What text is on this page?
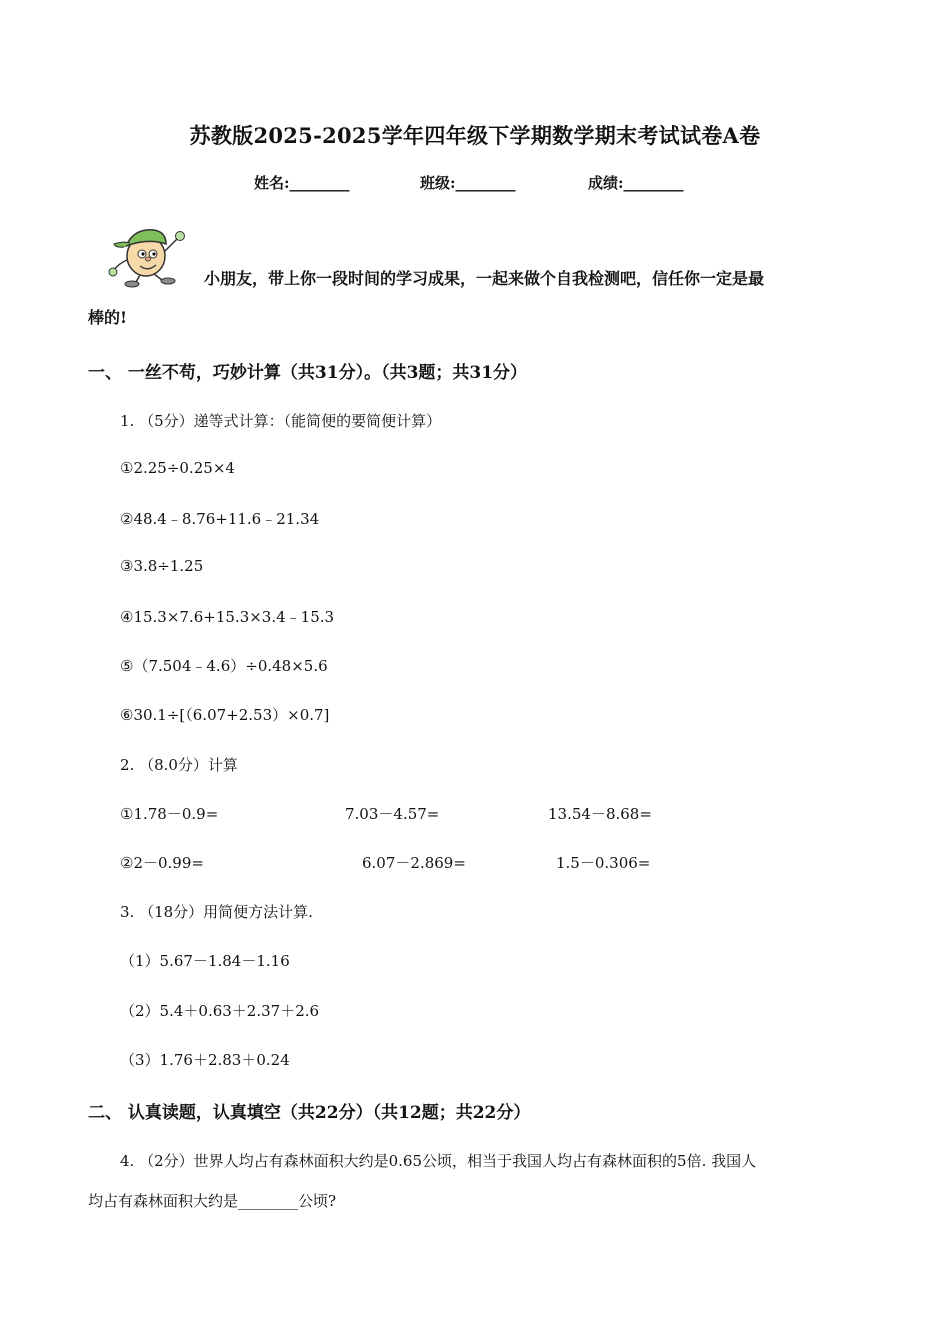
苏教版2025-2025学年四年级下学期数学期末考试试卷A卷
姓名:________	班级:________	成绩:________
小朋友，带上你一段时间的学习成果，一起来做个自我检测吧，信任你一定是最
棒的!
一、 一丝不苟，巧妙计算（共31分）。（共3题；共31分）
1. （5分）递等式计算：（能简便的要简便计算）
①2.25÷0.25×4
②48.4﹣8.76+11.6﹣21.34
③3.8÷1.25
④15.3×7.6+15.3×3.4﹣15.3
⑤（7.504﹣4.6）÷0.48×5.6
⑥30.1÷[（6.07+2.53）×0.7]
2. （8.0分）计算
①1.78－0.9=	7.03－4.57=	13.54－8.68=
②2－0.99=	6.07－2.869=	1.5－0.306=
3. （18分）用简便方法计算.
（1）5.67－1.84－1.16
（2）5.4＋0.63＋2.37＋2.6
（3）1.76＋2.83＋0.24
二、 认真读题，认真填空（共22分）（共12题；共22分）
4. （2分）世界人均占有森林面积大约是0.65公顷，相当于我国人均占有森林面积的5倍. 我国人
均占有森林面积大约是________公顷?
